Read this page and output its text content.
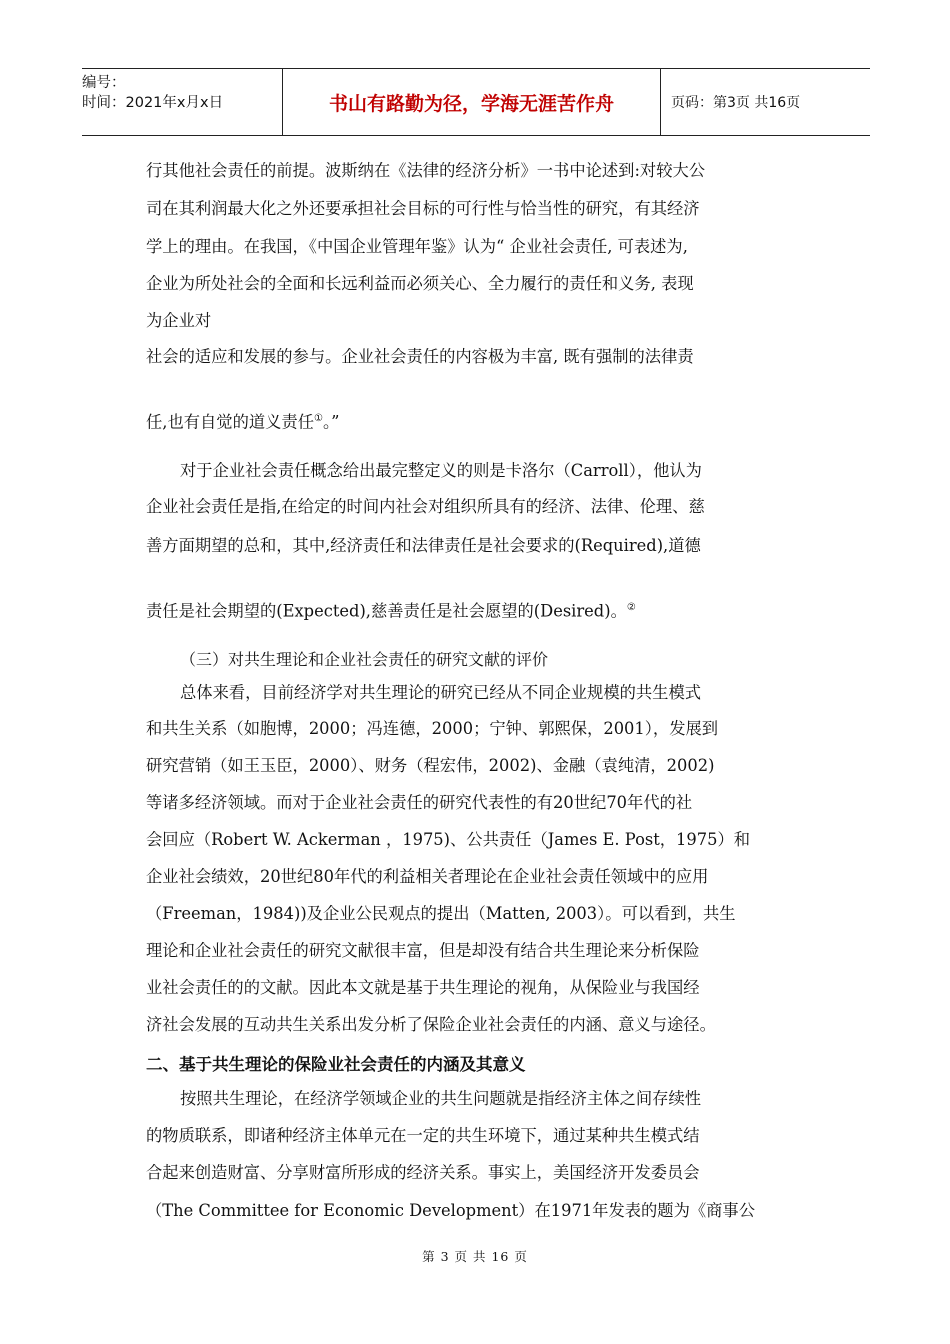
编号：
时间：2021年x月x日	书山有路勤为径，学海无涯苦作舟	页码：第3页 共16页
行其他社会责任的前提。波斯纳在《法律的经济分析》一书中论述到:对较大公
司在其利润最大化之外还要承担社会目标的可行性与恰当性的研究，有其经济
学上的理由。在我国，《中国企业管理年鉴》认为“ 企业社会责任, 可表述为,
企业为所处社会的全面和长远利益而必须关心、全力履行的责任和义务, 表现
为企业对
社会的适应和发展的参与。企业社会责任的内容极为丰富, 既有强制的法律责
任,也有自觉的道义责任①。”
对于企业社会责任概念给出最完整定义的则是卡洛尔（Carroll），他认为
企业社会责任是指,在给定的时间内社会对组织所具有的经济、法律、伦理、慈
善方面期望的总和，其中,经济责任和法律责任是社会要求的(Required),道德
责任是社会期望的(Expected),慈善责任是社会愿望的(Desired)。②
（三）对共生理论和企业社会责任的研究文献的评价
总体来看，目前经济学对共生理论的研究已经从不同企业规模的共生模式
和共生关系（如胞博，2000；冯连德，2000；宁钟、郭熙保，2001），发展到
研究营销（如王玉臣，2000）、财务（程宏伟，2002)、金融（袁纯清，2002)
等诸多经济领域。而对于企业社会责任的研究代表性的有20世纪70年代的社
会回应（Robert W. Ackerman ，1975)、公共责任（James E. Post，1975）和
企业社会绩效，20世纪80年代的利益相关者理论在企业社会责任领域中的应用
（Freeman，1984))及企业公民观点的提出（Matten, 2003）。可以看到，共生
理论和企业社会责任的研究文献很丰富，但是却没有结合共生理论来分析保险
业社会责任的的文献。因此本文就是基于共生理论的视角，从保险业与我国经
济社会发展的互动共生关系出发分析了保险企业社会责任的内涵、意义与途径。
二、基于共生理论的保险业社会责任的内涵及其意义
按照共生理论，在经济学领域企业的共生问题就是指经济主体之间存续性
的物质联系，即诸种经济主体单元在一定的共生环境下，通过某种共生模式结
合起来创造财富、分享财富所形成的经济关系。事实上，美国经济开发委员会
（The Committee for Economic Development）在1971年发表的题为《商事公
第 3 页 共 16 页
